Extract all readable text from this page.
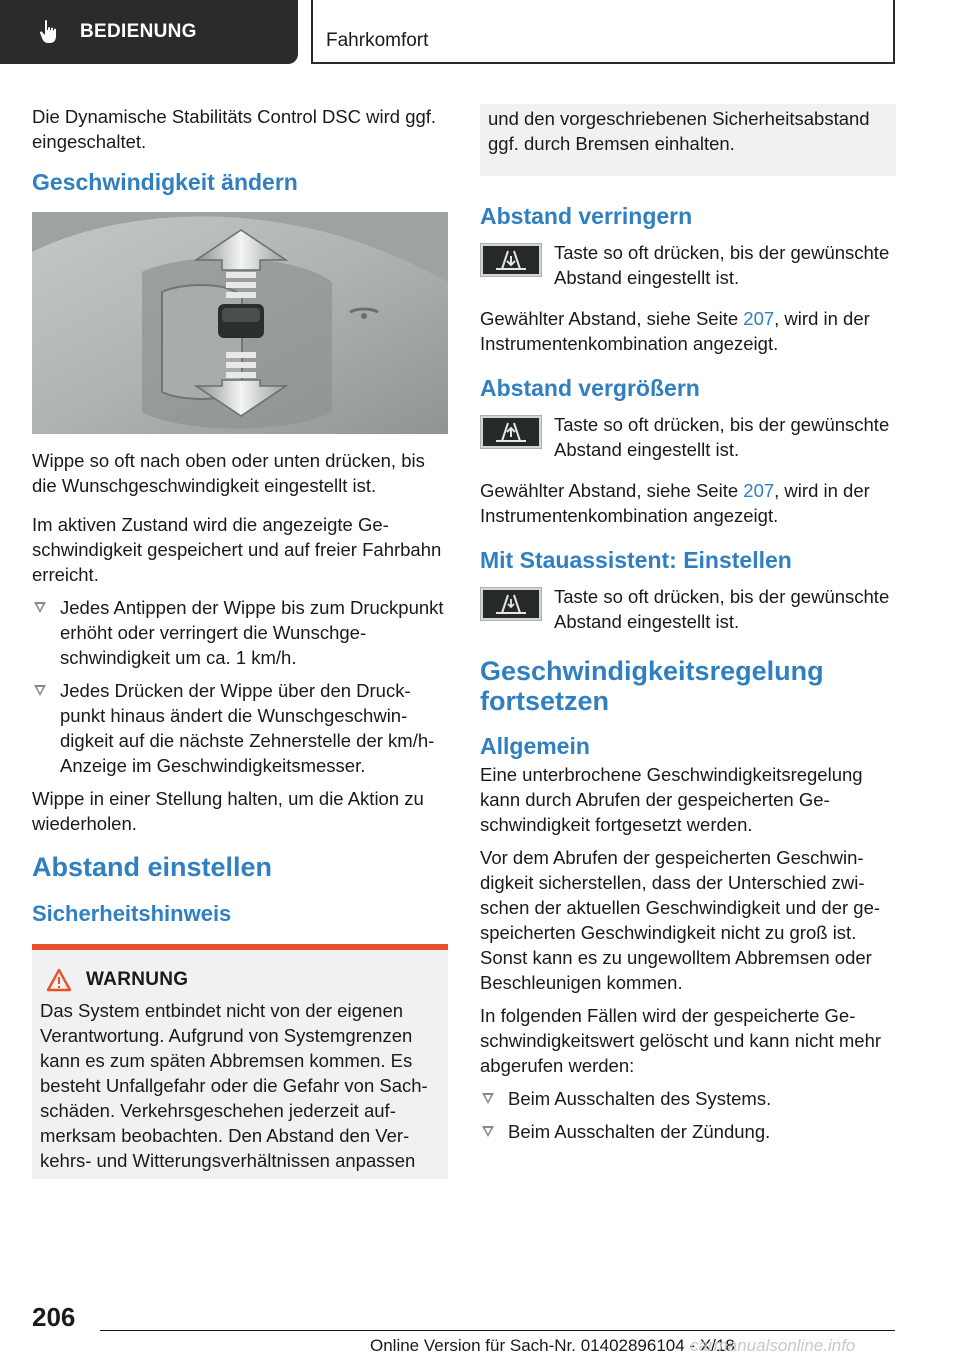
BEDIENUNG	Fahrkomfort

Die Dynamische Stabilitäts Control DSC wird ggf. eingeschaltet.

Geschwindigkeit ändern

Wippe so oft nach oben oder unten drücken, bis die Wunschgeschwindigkeit eingestellt ist.

Im aktiven Zustand wird die angezeigte Geschwindigkeit gespeichert und auf freier Fahrbahn erreicht.

Jedes Antippen der Wippe bis zum Druckpunkt erhöht oder verringert die Wunschgeschwindigkeit um ca. 1 km/h.
Jedes Drücken der Wippe über den Druckpunkt hinaus ändert die Wunschgeschwindigkeit auf die nächste Zehnerstelle der km/h-Anzeige im Geschwindigkeitsmesser.

Wippe in einer Stellung halten, um die Aktion zu wiederholen.

Abstand einstellen
Sicherheitshinweis
WARNUNG

Das System entbindet nicht von der eigenen Verantwortung. Aufgrund von Systemgrenzen kann es zum späten Abbremsen kommen. Es besteht Unfallgefahr oder die Gefahr von Sachschäden. Verkehrsgeschehen jederzeit aufmerksam beobachten. Den Abstand den Verkehrs- und Witterungsverhältnissen anpassen

und den vorgeschriebenen Sicherheitsabstand ggf. durch Bremsen einhalten.

Abstand verringern
Taste so oft drücken, bis der gewünschte Abstand eingestellt ist.

Gewählter Abstand, siehe Seite 207, wird in der Instrumentenkombination angezeigt.

Abstand vergrößern
Taste so oft drücken, bis der gewünschte Abstand eingestellt ist.

Gewählter Abstand, siehe Seite 207, wird in der Instrumentenkombination angezeigt.

Mit Stauassistent: Einstellen
Taste so oft drücken, bis der gewünschte Abstand eingestellt ist.
Geschwindigkeitsregelung fortsetzen
Allgemein

Eine unterbrochene Geschwindigkeitsregelung kann durch Abrufen der gespeicherten Geschwindigkeit fortgesetzt werden.

Vor dem Abrufen der gespeicherten Geschwindigkeit sicherstellen, dass der Unterschied zwischen der aktuellen Geschwindigkeit und der gespeicherten Geschwindigkeit nicht zu groß ist. Sonst kann es zu ungewolltem Abbremsen oder Beschleunigen kommen.

In folgenden Fällen wird der gespeicherte Geschwindigkeitswert gelöscht und kann nicht mehr abgerufen werden:

Beim Ausschalten des Systems.
Beim Ausschalten der Zündung.
206
Online Version für Sach-Nr. 01402896104 - X/18
carmanualsonline.info
